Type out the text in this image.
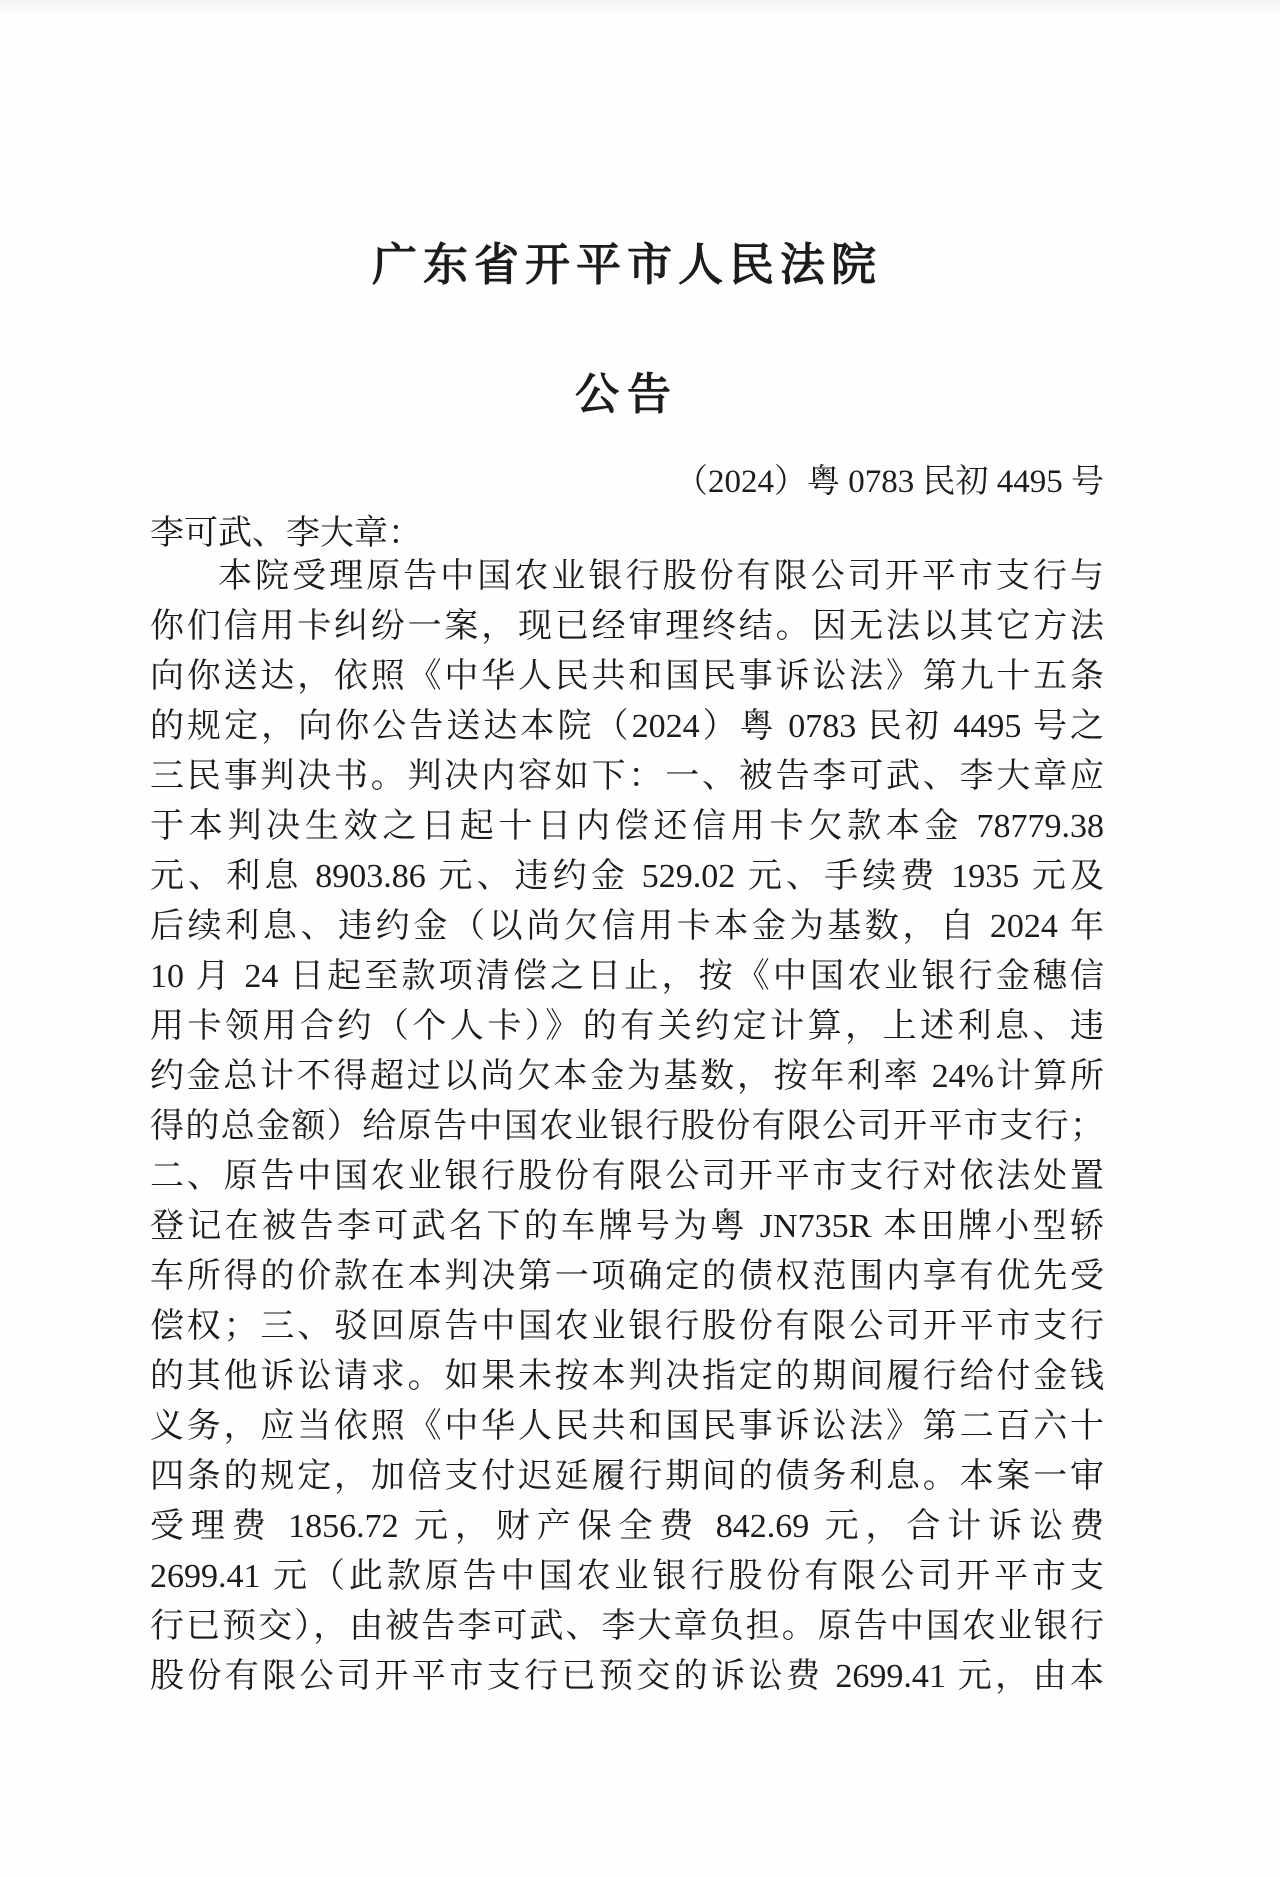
广东省开平市人民法院
公告
（2024）粤 0783 民初 4495 号
李可武、李大章：
本院受理原告中国农业银行股份有限公司开平市支行与
你们信用卡纠纷一案，现已经审理终结。因无法以其它方法
向你送达，依照《中华人民共和国民事诉讼法》第九十五条
的规定，向你公告送达本院（2024）粤 0783 民初 4495 号之
三民事判决书。判决内容如下：一、被告李可武、李大章应
于本判决生效之日起十日内偿还信用卡欠款本金 78779.38
元、利息 8903.86 元、违约金 529.02 元、手续费 1935 元及
后续利息、违约金（以尚欠信用卡本金为基数，自 2024 年
10 月 24 日起至款项清偿之日止，按《中国农业银行金穗信
用卡领用合约（个人卡）》的有关约定计算，上述利息、违
约金总计不得超过以尚欠本金为基数，按年利率 24%计算所
得的总金额）给原告中国农业银行股份有限公司开平市支行；
二、原告中国农业银行股份有限公司开平市支行对依法处置
登记在被告李可武名下的车牌号为粤 JN735R 本田牌小型轿
车所得的价款在本判决第一项确定的债权范围内享有优先受
偿权；三、驳回原告中国农业银行股份有限公司开平市支行
的其他诉讼请求。如果未按本判决指定的期间履行给付金钱
义务，应当依照《中华人民共和国民事诉讼法》第二百六十
四条的规定，加倍支付迟延履行期间的债务利息。本案一审
受理费 1856.72 元，财产保全费 842.69 元，合计诉讼费
2699.41 元（此款原告中国农业银行股份有限公司开平市支
行已预交），由被告李可武、李大章负担。原告中国农业银行
股份有限公司开平市支行已预交的诉讼费 2699.41 元，由本
